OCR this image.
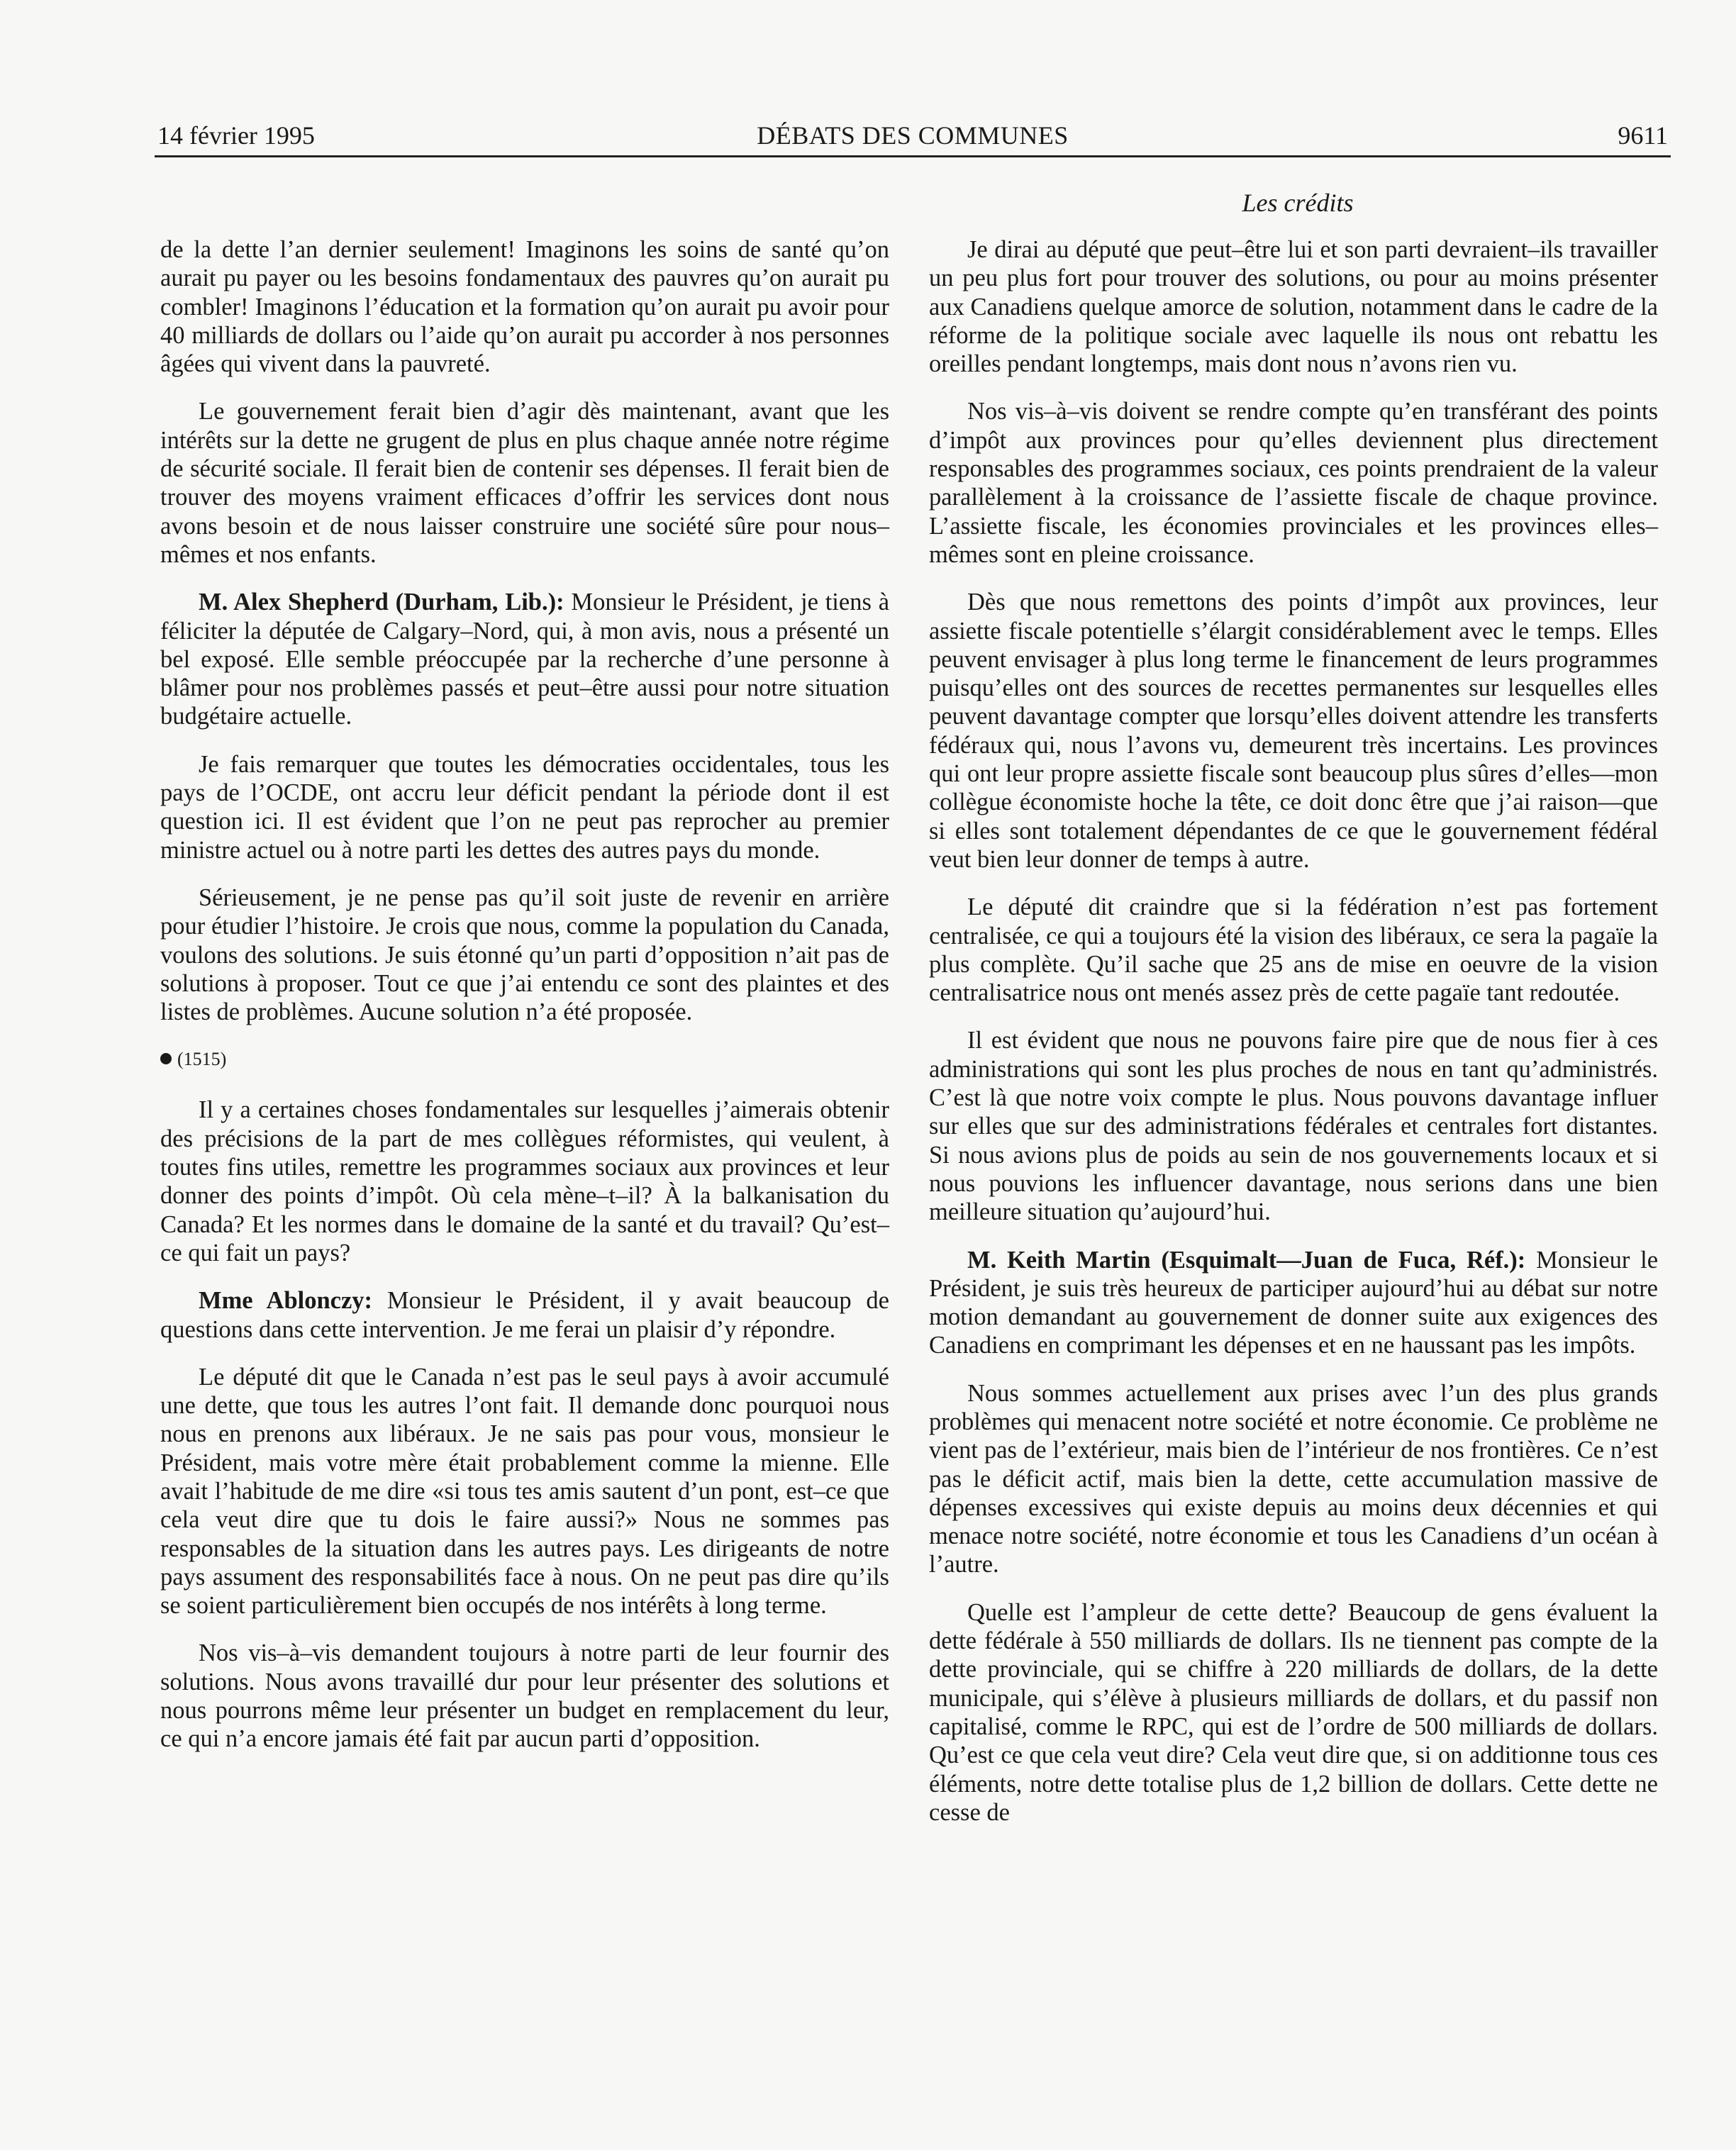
14 février 1995	DÉBATS DES COMMUNES	9611
Les crédits

de la dette l’an dernier seulement! Imaginons les soins de santé qu’on aurait pu payer ou les besoins fondamentaux des pauvres qu’on aurait pu combler! Imaginons l’éducation et la formation qu’on aurait pu avoir pour 40 milliards de dollars ou l’aide qu’on aurait pu accorder à nos personnes âgées qui vivent dans la pauvreté.

Le gouvernement ferait bien d’agir dès maintenant, avant que les intérêts sur la dette ne grugent de plus en plus chaque année notre régime de sécurité sociale. Il ferait bien de contenir ses dépenses. Il ferait bien de trouver des moyens vraiment efficaces d’offrir les services dont nous avons besoin et de nous laisser construire une société sûre pour nous–mêmes et nos enfants.

M. Alex Shepherd (Durham, Lib.): Monsieur le Président, je tiens à féliciter la députée de Calgary–Nord, qui, à mon avis, nous a présenté un bel exposé. Elle semble préoccupée par la recherche d’une personne à blâmer pour nos problèmes passés et peut–être aussi pour notre situation budgétaire actuelle.

Je fais remarquer que toutes les démocraties occidentales, tous les pays de l’OCDE, ont accru leur déficit pendant la période dont il est question ici. Il est évident que l’on ne peut pas reprocher au premier ministre actuel ou à notre parti les dettes des autres pays du monde.

Sérieusement, je ne pense pas qu’il soit juste de revenir en arrière pour étudier l’histoire. Je crois que nous, comme la population du Canada, voulons des solutions. Je suis étonné qu’un parti d’opposition n’ait pas de solutions à proposer. Tout ce que j’ai entendu ce sont des plaintes et des listes de problèmes. Aucune solution n’a été proposée.

(1515)

Il y a certaines choses fondamentales sur lesquelles j’aimerais obtenir des précisions de la part de mes collègues réformistes, qui veulent, à toutes fins utiles, remettre les programmes sociaux aux provinces et leur donner des points d’impôt. Où cela mène–t–il? À la balkanisation du Canada? Et les normes dans le domaine de la santé et du travail? Qu’est–ce qui fait un pays?

Mme Ablonczy: Monsieur le Président, il y avait beaucoup de questions dans cette intervention. Je me ferai un plaisir d’y répondre.

Le député dit que le Canada n’est pas le seul pays à avoir accumulé une dette, que tous les autres l’ont fait. Il demande donc pourquoi nous nous en prenons aux libéraux. Je ne sais pas pour vous, monsieur le Président, mais votre mère était probablement comme la mienne. Elle avait l’habitude de me dire «si tous tes amis sautent d’un pont, est–ce que cela veut dire que tu dois le faire aussi?» Nous ne sommes pas responsables de la situation dans les autres pays. Les dirigeants de notre pays assument des responsabilités face à nous. On ne peut pas dire qu’ils se soient particulièrement bien occupés de nos intérêts à long terme.

Nos vis–à–vis demandent toujours à notre parti de leur fournir des solutions. Nous avons travaillé dur pour leur présenter des solutions et nous pourrons même leur présenter un budget en remplacement du leur, ce qui n’a encore jamais été fait par aucun parti d’opposition.

Je dirai au député que peut–être lui et son parti devraient–ils travailler un peu plus fort pour trouver des solutions, ou pour au moins présenter aux Canadiens quelque amorce de solution, notamment dans le cadre de la réforme de la politique sociale avec laquelle ils nous ont rebattu les oreilles pendant longtemps, mais dont nous n’avons rien vu.

Nos vis–à–vis doivent se rendre compte qu’en transférant des points d’impôt aux provinces pour qu’elles deviennent plus directement responsables des programmes sociaux, ces points prendraient de la valeur parallèlement à la croissance de l’assiette fiscale de chaque province. L’assiette fiscale, les économies provinciales et les provinces elles–mêmes sont en pleine croissance.

Dès que nous remettons des points d’impôt aux provinces, leur assiette fiscale potentielle s’élargit considérablement avec le temps. Elles peuvent envisager à plus long terme le financement de leurs programmes puisqu’elles ont des sources de recettes permanentes sur lesquelles elles peuvent davantage compter que lorsqu’elles doivent attendre les transferts fédéraux qui, nous l’avons vu, demeurent très incertains. Les provinces qui ont leur propre assiette fiscale sont beaucoup plus sûres d’elles—mon collègue économiste hoche la tête, ce doit donc être que j’ai raison—que si elles sont totalement dépendantes de ce que le gouvernement fédéral veut bien leur donner de temps à autre.

Le député dit craindre que si la fédération n’est pas fortement centralisée, ce qui a toujours été la vision des libéraux, ce sera la pagaïe la plus complète. Qu’il sache que 25 ans de mise en oeuvre de la vision centralisatrice nous ont menés assez près de cette pagaïe tant redoutée.

Il est évident que nous ne pouvons faire pire que de nous fier à ces administrations qui sont les plus proches de nous en tant qu’administrés. C’est là que notre voix compte le plus. Nous pouvons davantage influer sur elles que sur des administrations fédérales et centrales fort distantes. Si nous avions plus de poids au sein de nos gouvernements locaux et si nous pouvions les influencer davantage, nous serions dans une bien meilleure situation qu’aujourd’hui.

M. Keith Martin (Esquimalt—Juan de Fuca, Réf.): Monsieur le Président, je suis très heureux de participer aujourd’hui au débat sur notre motion demandant au gouvernement de donner suite aux exigences des Canadiens en comprimant les dépenses et en ne haussant pas les impôts.

Nous sommes actuellement aux prises avec l’un des plus grands problèmes qui menacent notre société et notre économie. Ce problème ne vient pas de l’extérieur, mais bien de l’intérieur de nos frontières. Ce n’est pas le déficit actif, mais bien la dette, cette accumulation massive de dépenses excessives qui existe depuis au moins deux décennies et qui menace notre société, notre économie et tous les Canadiens d’un océan à l’autre.

Quelle est l’ampleur de cette dette? Beaucoup de gens évaluent la dette fédérale à 550 milliards de dollars. Ils ne tiennent pas compte de la dette provinciale, qui se chiffre à 220 milliards de dollars, de la dette municipale, qui s’élève à plusieurs milliards de dollars, et du passif non capitalisé, comme le RPC, qui est de l’ordre de 500 milliards de dollars. Qu’est ce que cela veut dire? Cela veut dire que, si on additionne tous ces éléments, notre dette totalise plus de 1,2 billion de dollars. Cette dette ne cesse de
